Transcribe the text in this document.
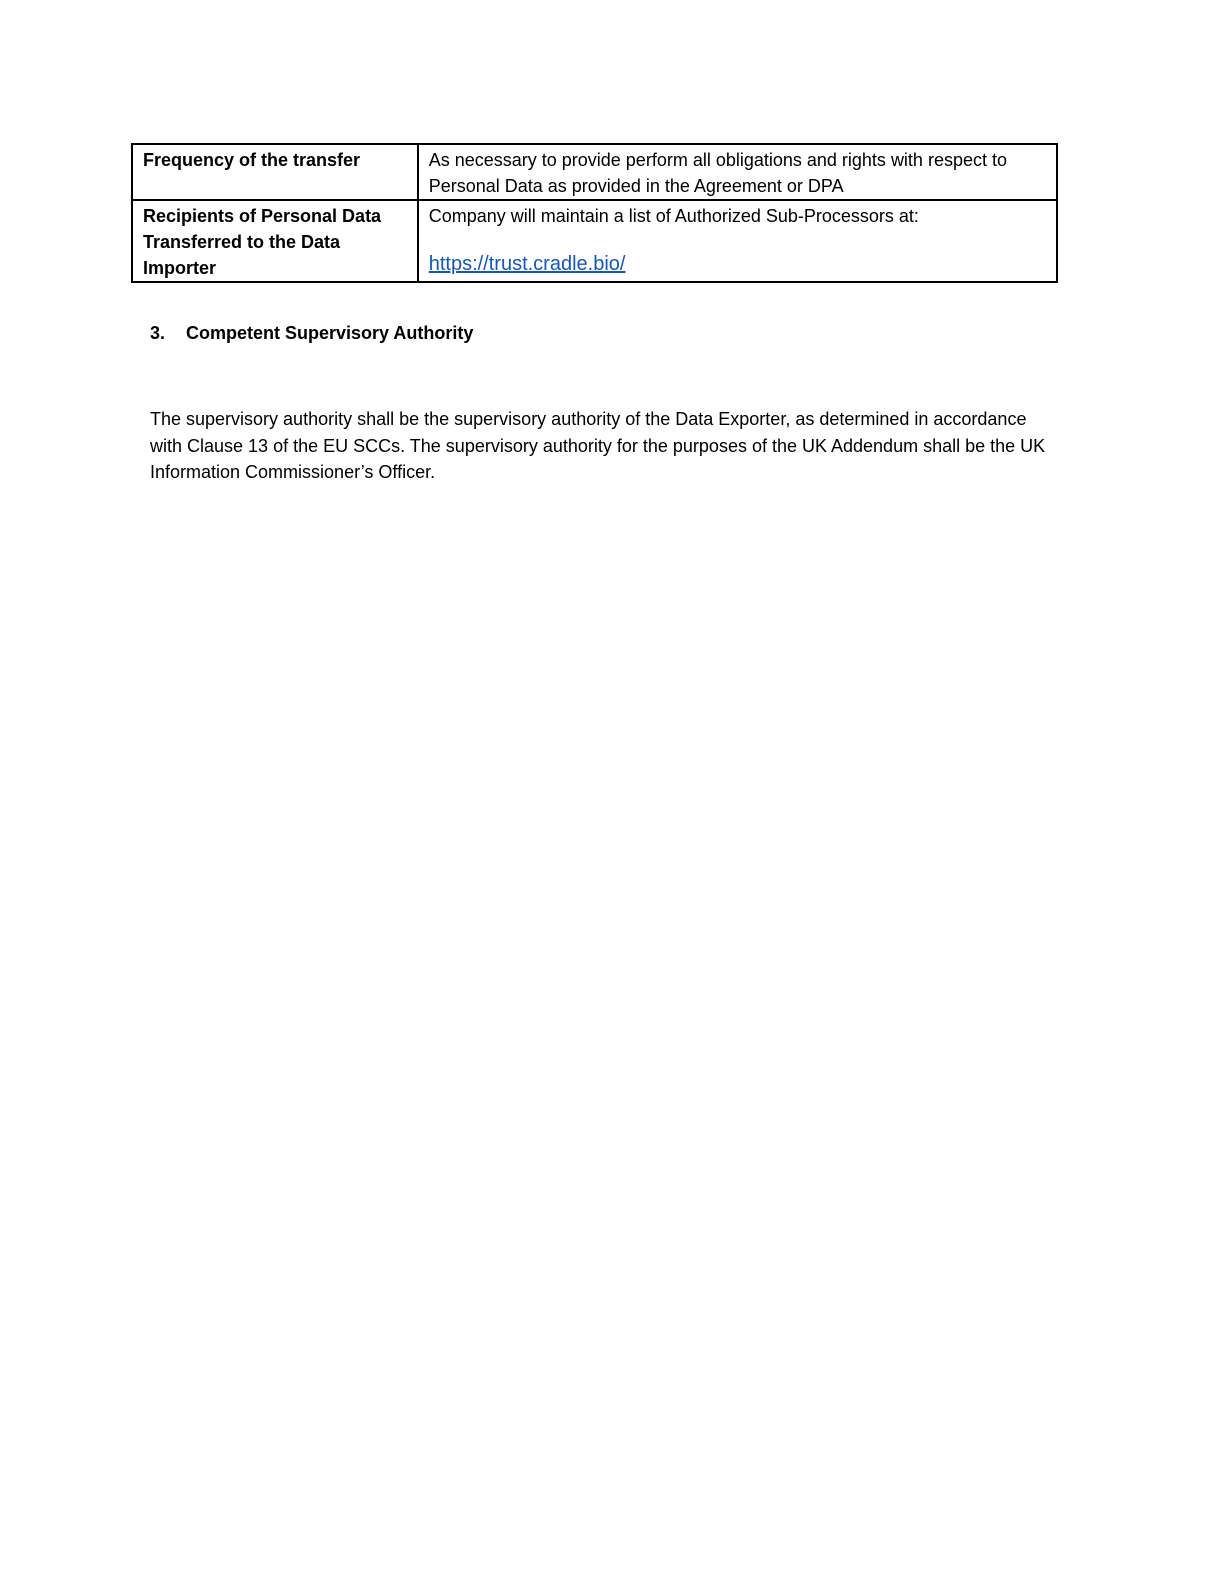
Frequency of the transfer	As necessary to provide perform all obligations and rights with respect to Personal Data as provided in the Agreement or DPA
Recipients of Personal Data Transferred to the Data Importer	Company will maintain a list of Authorized Sub-Processors at:
https://trust.cradle.bio/
3. Competent Supervisory Authority

The supervisory authority shall be the supervisory authority of the Data Exporter, as determined in accordance with Clause 13 of the EU SCCs. The supervisory authority for the purposes of the UK Addendum shall be the UK Information Commissioner’s Officer.
